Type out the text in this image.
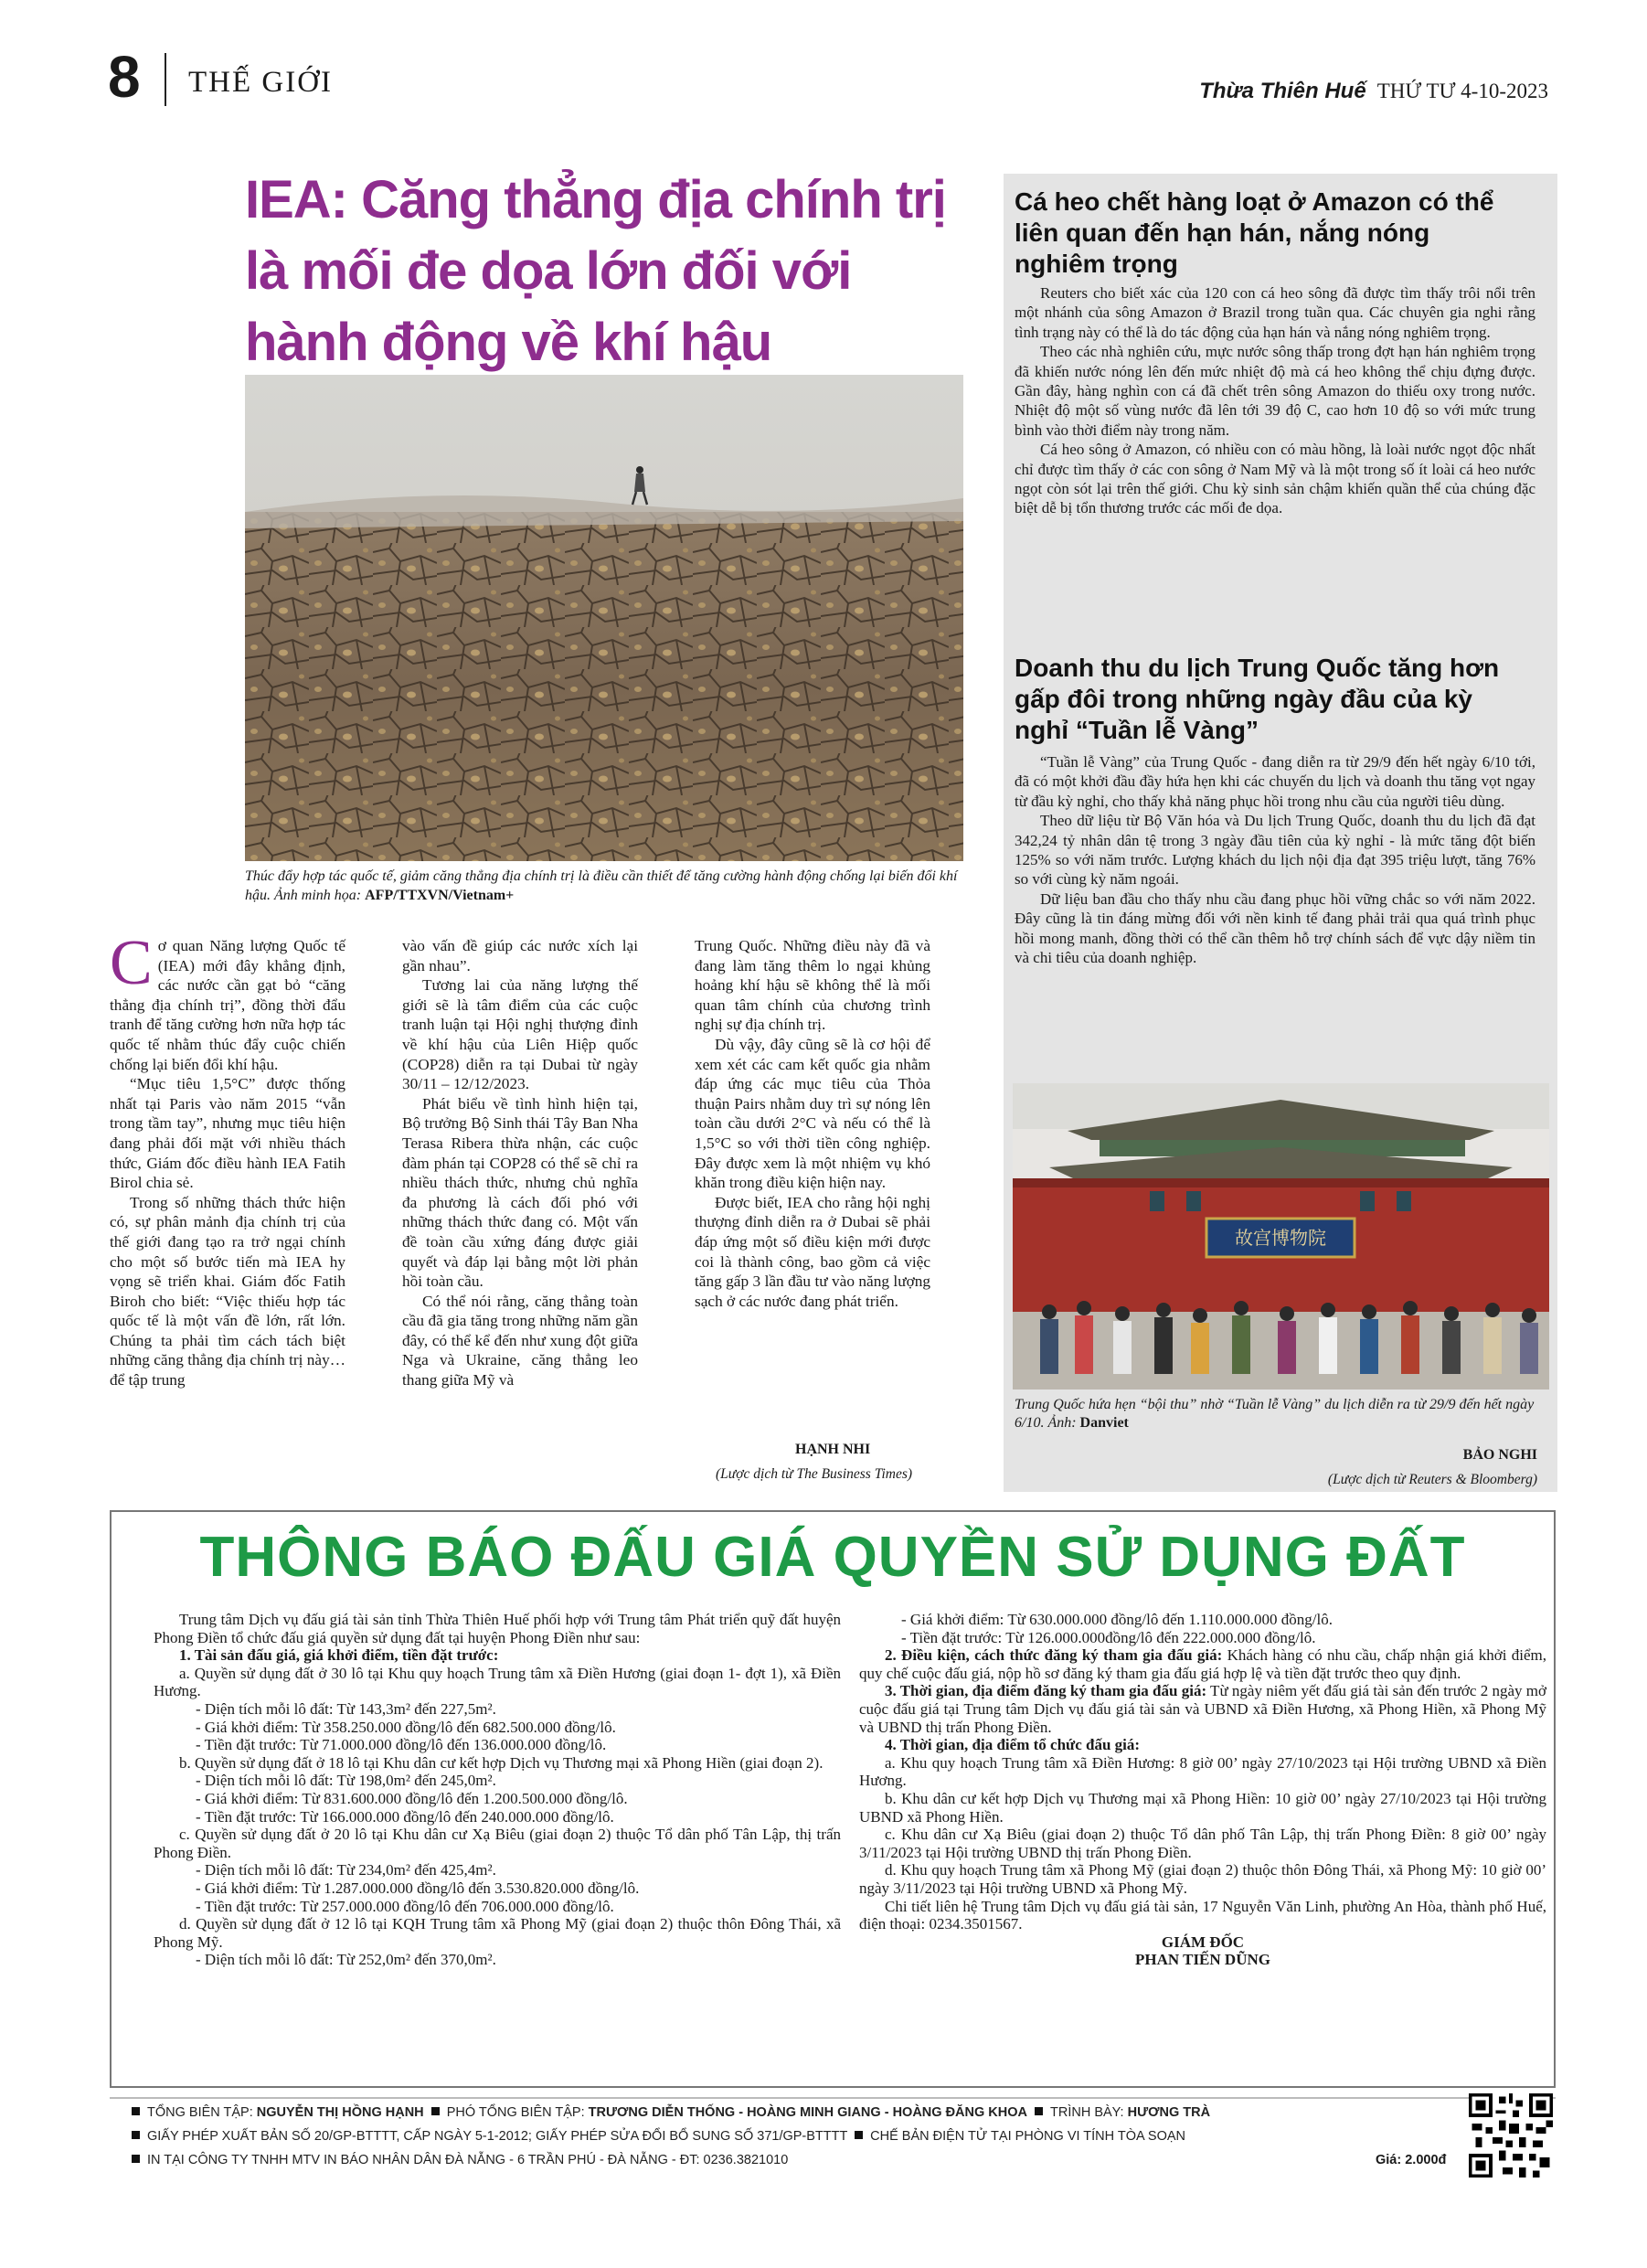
8 THẾ GIỚI	Thừa Thiên Huế THỨ TƯ 4-10-2023
IEA: Căng thẳng địa chính trị là mối đe dọa lớn đối với hành động về khí hậu
Thúc đẩy hợp tác quốc tế, giảm căng thẳng địa chính trị là điều cần thiết để tăng cường hành động chống lại biến đổi khí hậu. Ảnh minh họa: AFP/TTXVN/Vietnam+

Cơ quan Năng lượng Quốc tế (IEA) mới đây khẳng định, các nước cần gạt bỏ “căng thẳng địa chính trị”, đồng thời đẩu tranh để tăng cường hơn nữa hợp tác quốc tế nhằm thúc đẩy cuộc chiến chống lại biến đổi khí hậu.

“Mục tiêu 1,5°C” được thống nhất tại Paris vào năm 2015 “vẫn trong tầm tay”, nhưng mục tiêu hiện đang phải đối mặt với nhiều thách thức, Giám đốc điều hành IEA Fatih Birol chia sẻ.

Trong số những thách thức hiện có, sự phân mảnh địa chính trị của thế giới đang tạo ra trở ngại chính cho một số bước tiến mà IEA hy vọng sẽ triển khai. Giám đốc Fatih Biroh cho biết: “Việc thiếu hợp tác quốc tế là một vấn đề lớn, rất lớn. Chúng ta phải tìm cách tách biệt những căng thẳng địa chính trị này… để tập trung

vào vấn đề giúp các nước xích lại gần nhau”.

Tương lai của năng lượng thế giới sẽ là tâm điểm của các cuộc tranh luận tại Hội nghị thượng đỉnh về khí hậu của Liên Hiệp quốc (COP28) diễn ra tại Dubai từ ngày 30/11 – 12/12/2023.

Phát biểu về tình hình hiện tại, Bộ trưởng Bộ Sinh thái Tây Ban Nha Terasa Ribera thừa nhận, các cuộc đàm phán tại COP28 có thể sẽ chỉ ra nhiều thách thức, nhưng chủ nghĩa đa phương là cách đối phó với những thách thức đang có. Một vấn đề toàn cầu xứng đáng được giải quyết và đáp lại bằng một lời phản hồi toàn cầu.

Có thể nói rằng, căng thẳng toàn cầu đã gia tăng trong những năm gần đây, có thể kể đến như xung đột giữa Nga và Ukraine, căng thẳng leo thang giữa Mỹ và

Trung Quốc. Những điều này đã và đang làm tăng thêm lo ngại khủng hoảng khí hậu sẽ không thể là mối quan tâm chính của chương trình nghị sự địa chính trị.

Dù vậy, đây cũng sẽ là cơ hội để xem xét các cam kết quốc gia nhằm đáp ứng các mục tiêu của Thỏa thuận Pairs nhằm duy trì sự nóng lên toàn cầu dưới 2°C và nếu có thể là 1,5°C so với thời tiền công nghiệp. Đây được xem là một nhiệm vụ khó khăn trong điều kiện hiện nay.

Được biết, IEA cho rằng hội nghị thượng đỉnh diễn ra ở Dubai sẽ phải đáp ứng một số điều kiện mới được coi là thành công, bao gồm cả việc tăng gấp 3 lần đầu tư vào năng lượng sạch ở các nước đang phát triển.

HẠNH NHI
(Lược dịch từ The Business Times)
Cá heo chết hàng loạt ở Amazon có thể liên quan đến hạn hán, nắng nóng nghiêm trọng

Reuters cho biết xác của 120 con cá heo sông đã được tìm thấy trôi nổi trên một nhánh của sông Amazon ở Brazil trong tuần qua. Các chuyên gia nghi rằng tình trạng này có thể là do tác động của hạn hán và nắng nóng nghiêm trọng.

Theo các nhà nghiên cứu, mực nước sông thấp trong đợt hạn hán nghiêm trọng đã khiến nước nóng lên đến mức nhiệt độ mà cá heo không thể chịu đựng được. Gần đây, hàng nghìn con cá đã chết trên sông Amazon do thiếu oxy trong nước. Nhiệt độ một số vùng nước đã lên tới 39 độ C, cao hơn 10 độ so với mức trung bình vào thời điểm này trong năm.

Cá heo sông ở Amazon, có nhiều con có màu hồng, là loài nước ngọt độc nhất chỉ được tìm thấy ở các con sông ở Nam Mỹ và là một trong số ít loài cá heo nước ngọt còn sót lại trên thế giới. Chu kỳ sinh sản chậm khiến quần thể của chúng đặc biệt dễ bị tổn thương trước các mối đe dọa.

Doanh thu du lịch Trung Quốc tăng hơn gấp đôi trong những ngày đầu của kỳ nghỉ “Tuần lễ Vàng”

“Tuần lễ Vàng” của Trung Quốc - đang diễn ra từ 29/9 đến hết ngày 6/10 tới, đã có một khởi đầu đầy hứa hẹn khi các chuyến du lịch và doanh thu tăng vọt ngay từ đầu kỳ nghỉ, cho thấy khả năng phục hồi trong nhu cầu của người tiêu dùng.

Theo dữ liệu từ Bộ Văn hóa và Du lịch Trung Quốc, doanh thu du lịch đã đạt 342,24 tỷ nhân dân tệ trong 3 ngày đầu tiên của kỳ nghỉ - là mức tăng đột biến 125% so với năm trước. Lượng khách du lịch nội địa đạt 395 triệu lượt, tăng 76% so với cùng kỳ năm ngoái.

Dữ liệu ban đầu cho thấy nhu cầu đang phục hồi vững chắc so với năm 2022. Đây cũng là tin đáng mừng đối với nền kinh tế đang phải trải qua quá trình phục hồi mong manh, đồng thời có thể cần thêm hỗ trợ chính sách để vực dậy niềm tin và chi tiêu của doanh nghiệp.

故宫博物院
Trung Quốc hứa hẹn “bội thu” nhờ “Tuần lễ Vàng” du lịch diễn ra từ 29/9 đến hết ngày 6/10. Ảnh: Danviet
BẢO NGHI
(Lược dịch từ Reuters & Bloomberg)
THÔNG BÁO ĐẤU GIÁ QUYỀN SỬ DỤNG ĐẤT

Trung tâm Dịch vụ đấu giá tài sản tỉnh Thừa Thiên Huế phối hợp với Trung tâm Phát triển quỹ đất huyện Phong Điền tổ chức đấu giá quyền sử dụng đất tại huyện Phong Điền như sau:

1. Tài sản đấu giá, giá khởi điểm, tiền đặt trước:

a. Quyền sử dụng đất ở 30 lô tại Khu quy hoạch Trung tâm xã Điền Hương (giai đoạn 1- đợt 1), xã Điền Hương.

- Diện tích mỗi lô đất: Từ 143,3m² đến 227,5m².

- Giá khởi điểm: Từ 358.250.000 đồng/lô đến 682.500.000 đồng/lô.

- Tiền đặt trước: Từ 71.000.000 đồng/lô đến 136.000.000 đồng/lô.

b. Quyền sử dụng đất ở 18 lô tại Khu dân cư kết hợp Dịch vụ Thương mại xã Phong Hiền (giai đoạn 2).

- Diện tích mỗi lô đất: Từ 198,0m² đến 245,0m².

- Giá khởi điểm: Từ 831.600.000 đồng/lô đến 1.200.500.000 đồng/lô.

- Tiền đặt trước: Từ 166.000.000 đồng/lô đến 240.000.000 đồng/lô.

c. Quyền sử dụng đất ở 20 lô tại Khu dân cư Xạ Biêu (giai đoạn 2) thuộc Tổ dân phố Tân Lập, thị trấn Phong Điền.

- Diện tích mỗi lô đất: Từ 234,0m² đến 425,4m².

- Giá khởi điểm: Từ 1.287.000.000 đồng/lô đến 3.530.820.000 đồng/lô.

- Tiền đặt trước: Từ 257.000.000 đồng/lô đến 706.000.000 đồng/lô.

d. Quyền sử dụng đất ở 12 lô tại KQH Trung tâm xã Phong Mỹ (giai đoạn 2) thuộc thôn Đông Thái, xã Phong Mỹ.

- Diện tích mỗi lô đất: Từ 252,0m² đến 370,0m².

- Giá khởi điểm: Từ 630.000.000 đồng/lô đến 1.110.000.000 đồng/lô.

- Tiền đặt trước: Từ 126.000.000đồng/lô đến 222.000.000 đồng/lô.

2. Điều kiện, cách thức đăng ký tham gia đấu giá: Khách hàng có nhu cầu, chấp nhận giá khởi điểm, quy chế cuộc đấu giá, nộp hồ sơ đăng ký tham gia đấu giá hợp lệ và tiền đặt trước theo quy định.

3. Thời gian, địa điểm đăng ký tham gia đấu giá: Từ ngày niêm yết đấu giá tài sản đến trước 2 ngày mở cuộc đấu giá tại Trung tâm Dịch vụ đấu giá tài sản và UBND xã Điền Hương, xã Phong Hiền, xã Phong Mỹ và UBND thị trấn Phong Điền.

4. Thời gian, địa điểm tổ chức đấu giá:

a. Khu quy hoạch Trung tâm xã Điền Hương: 8 giờ 00’ ngày 27/10/2023 tại Hội trường UBND xã Điền Hương.

b. Khu dân cư kết hợp Dịch vụ Thương mại xã Phong Hiền: 10 giờ 00’ ngày 27/10/2023 tại Hội trường UBND xã Phong Hiền.

c. Khu dân cư Xạ Biêu (giai đoạn 2) thuộc Tổ dân phố Tân Lập, thị trấn Phong Điền: 8 giờ 00’ ngày 3/11/2023 tại Hội trường UBND thị trấn Phong Điền.

d. Khu quy hoạch Trung tâm xã Phong Mỹ (giai đoạn 2) thuộc thôn Đông Thái, xã Phong Mỹ: 10 giờ 00’ ngày 3/11/2023 tại Hội trường UBND xã Phong Mỹ.

Chi tiết liên hệ Trung tâm Dịch vụ đấu giá tài sản, 17 Nguyễn Văn Linh, phường An Hòa, thành phố Huế, điện thoại: 0234.3501567.

GIÁM ĐỐC

PHAN TIẾN DŨNG

TỔNG BIÊN TẬP: NGUYỄN THỊ HỒNG HẠNH PHÓ TỔNG BIÊN TẬP: TRƯƠNG DIỄN THỐNG - HOÀNG MINH GIANG - HOÀNG ĐĂNG KHOA TRÌNH BÀY: HƯƠNG TRÀ
GIẤY PHÉP XUẤT BẢN SỐ 20/GP-BTTTT, CẤP NGÀY 5-1-2012; GIẤY PHÉP SỬA ĐỔI BỔ SUNG SỐ 371/GP-BTTTT CHẾ BẢN ĐIỆN TỬ TẠI PHÒNG VI TÍNH TÒA SOẠN
IN TẠI CÔNG TY TNHH MTV IN BÁO NHÂN DÂN ĐÀ NẴNG - 6 TRẦN PHÚ - ĐÀ NẴNG - ĐT: 0236.3821010	Giá: 2.000đ
